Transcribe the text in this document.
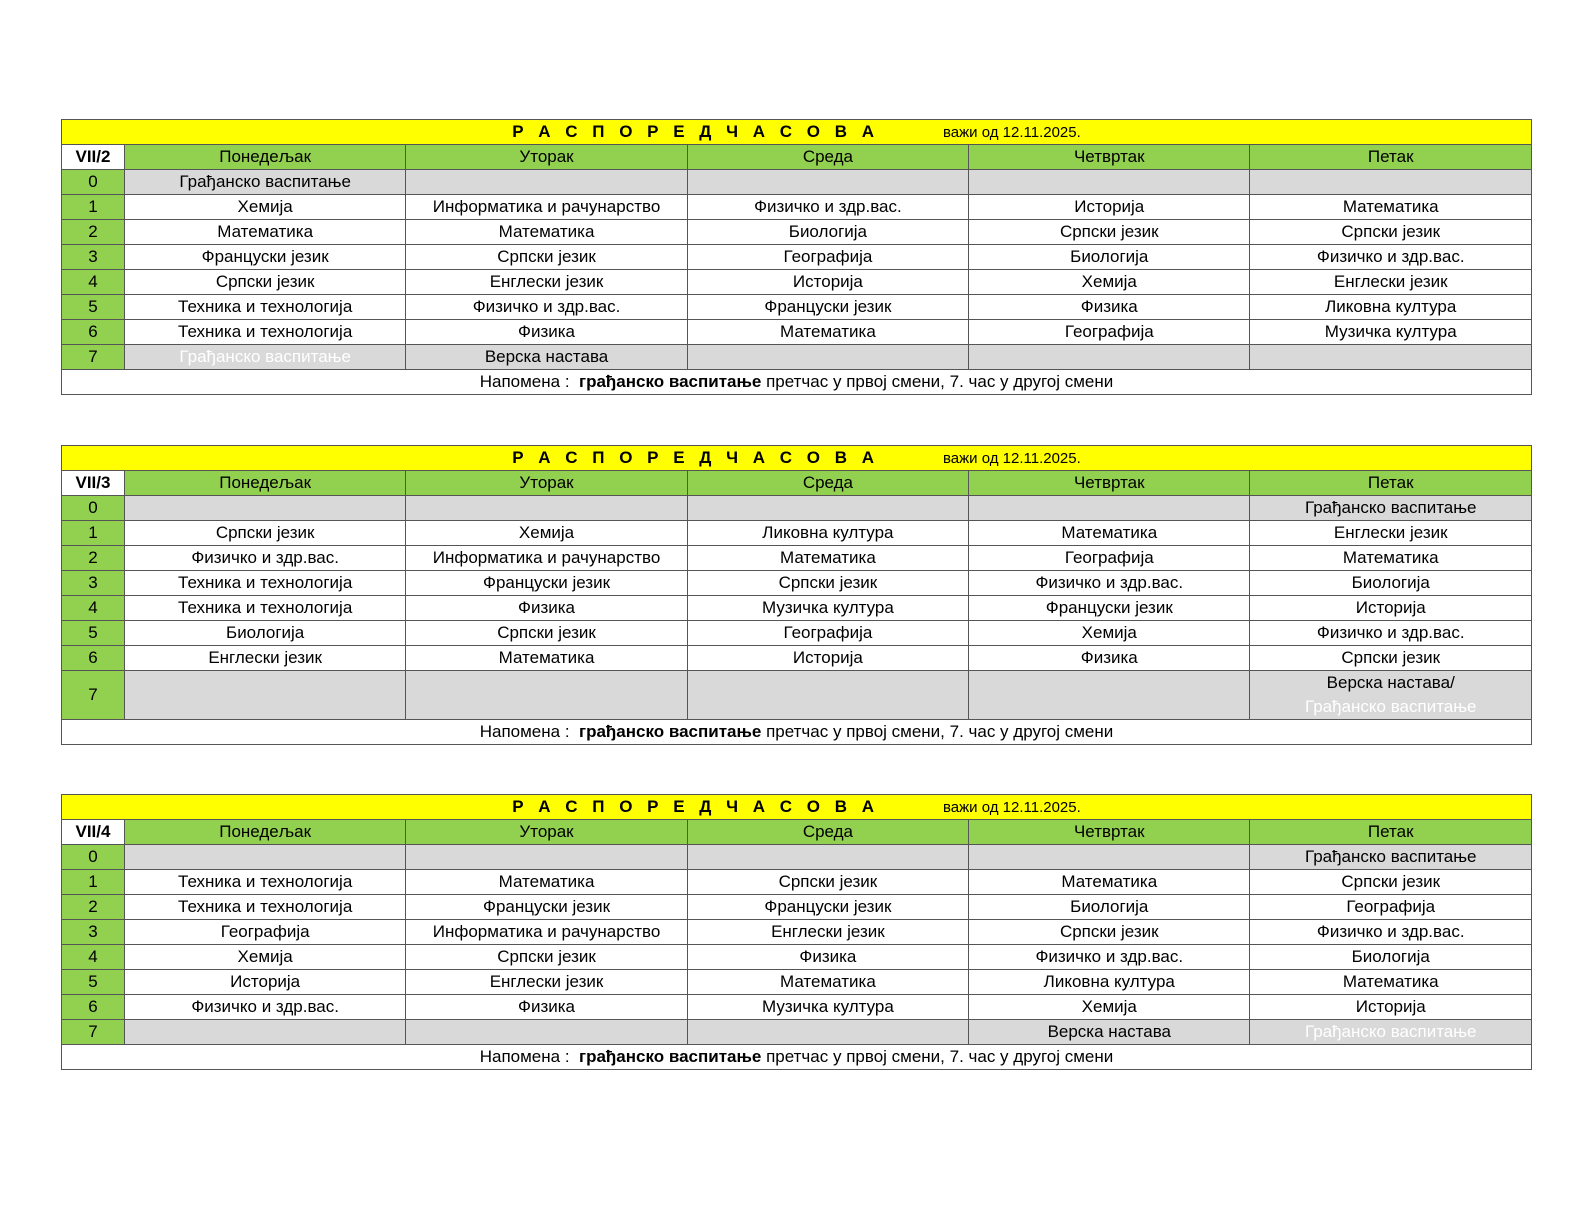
Р А С П О Р Е Д Ч А С О В А важи од 12.11.2025.					
VII/2	Понедељак	Уторак	Среда	Четвртак	Петак
0	Грађанско васпитање				
1	Хемија	Информатика и рачунарство	Физичко и здр.вас.	Историја	Математика
2	Математика	Математика	Биологија	Српски језик	Српски језик
3	Француски језик	Српски језик	Географија	Биологија	Физичко и здр.вас.
4	Српски језик	Енглески језик	Историја	Хемија	Енглески језик
5	Техника и технологија	Физичко и здр.вас.	Француски језик	Физика	Ликовна култура
6	Техника и технологија	Физика	Математика	Географија	Музичка култура
7	Грађанско васпитање	Верска настава			
Напомена :  грађанско васпитање претчас у првој смени, 7. час у другој смени					
Р А С П О Р Е Д Ч А С О В А важи од 12.11.2025.					
VII/3	Понедељак	Уторак	Среда	Четвртак	Петак
0					Грађанско васпитање
1	Српски језик	Хемија	Ликовна култура	Математика	Енглески језик
2	Физичко и здр.вас.	Информатика и рачунарство	Математика	Географија	Математика
3	Техника и технологија	Француски језик	Српски језик	Физичко и здр.вас.	Биологија
4	Техника и технологија	Физика	Музичка култура	Француски језик	Историја
5	Биологија	Српски језик	Географија	Хемија	Физичко и здр.вас.
6	Енглески језик	Математика	Историја	Физика	Српски језик
7					Верска настава/
Грађанско васпитање

Напомена :  грађанско васпитање претчас у првој смени, 7. час у другој смени					
Р А С П О Р Е Д Ч А С О В А важи од 12.11.2025.					
VII/4	Понедељак	Уторак	Среда	Четвртак	Петак
0					Грађанско васпитање
1	Техника и технологија	Математика	Српски језик	Математика	Српски језик
2	Техника и технологија	Француски језик	Француски језик	Биологија	Географија
3	Географија	Информатика и рачунарство	Енглески језик	Српски језик	Физичко и здр.вас.
4	Хемија	Српски језик	Физика	Физичко и здр.вас.	Биологија
5	Историја	Енглески језик	Математика	Ликовна култура	Математика
6	Физичко и здр.вас.	Физика	Музичка култура	Хемија	Историја
7				Верска настава	Грађанско васпитање
Напомена :  грађанско васпитање претчас у првој смени, 7. час у другој смени					
